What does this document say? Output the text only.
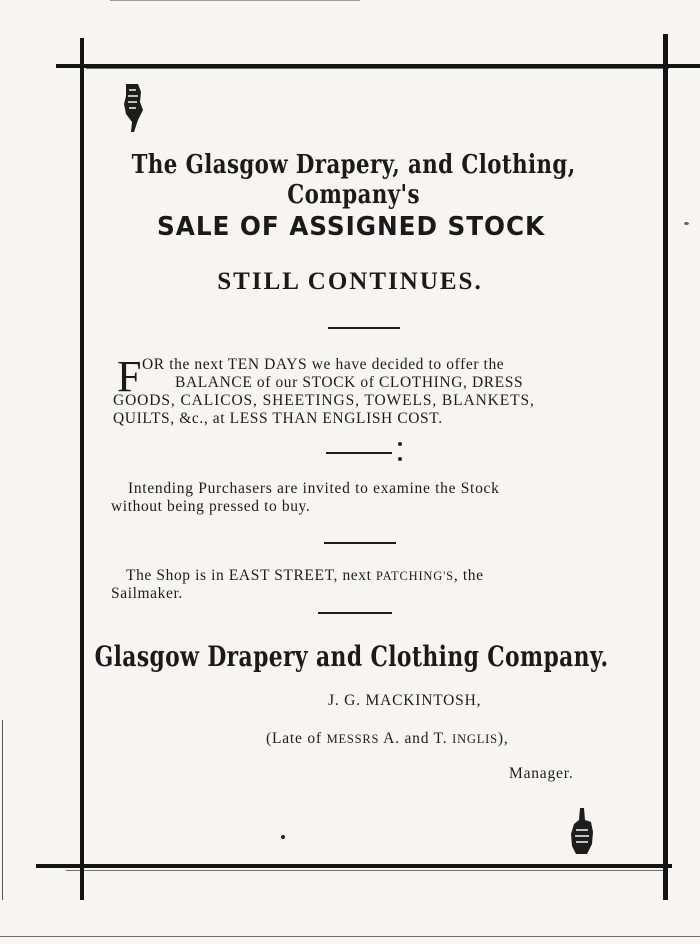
The Glasgow Drapery, and Clothing, Company's
SALE OF ASSIGNED STOCK
STILL CONTINUES.
F OR the next TEN DAYS we have decided to offer the
BALANCE of our STOCK of CLOTHING, DRESS
GOODS, CALICOS, SHEETINGS, TOWELS, BLANKETS,
QUILTS, &c., at LESS THAN ENGLISH COST.
Intending Purchasers are invited to examine the Stock
without being pressed to buy.
The Shop is in EAST STREET, next PATCHING'S, the
Sailmaker.
Glasgow Drapery and Clothing Company.
J. G. MACKINTOSH,
(Late of MESSRS A. and T. INGLIS),
Manager.
